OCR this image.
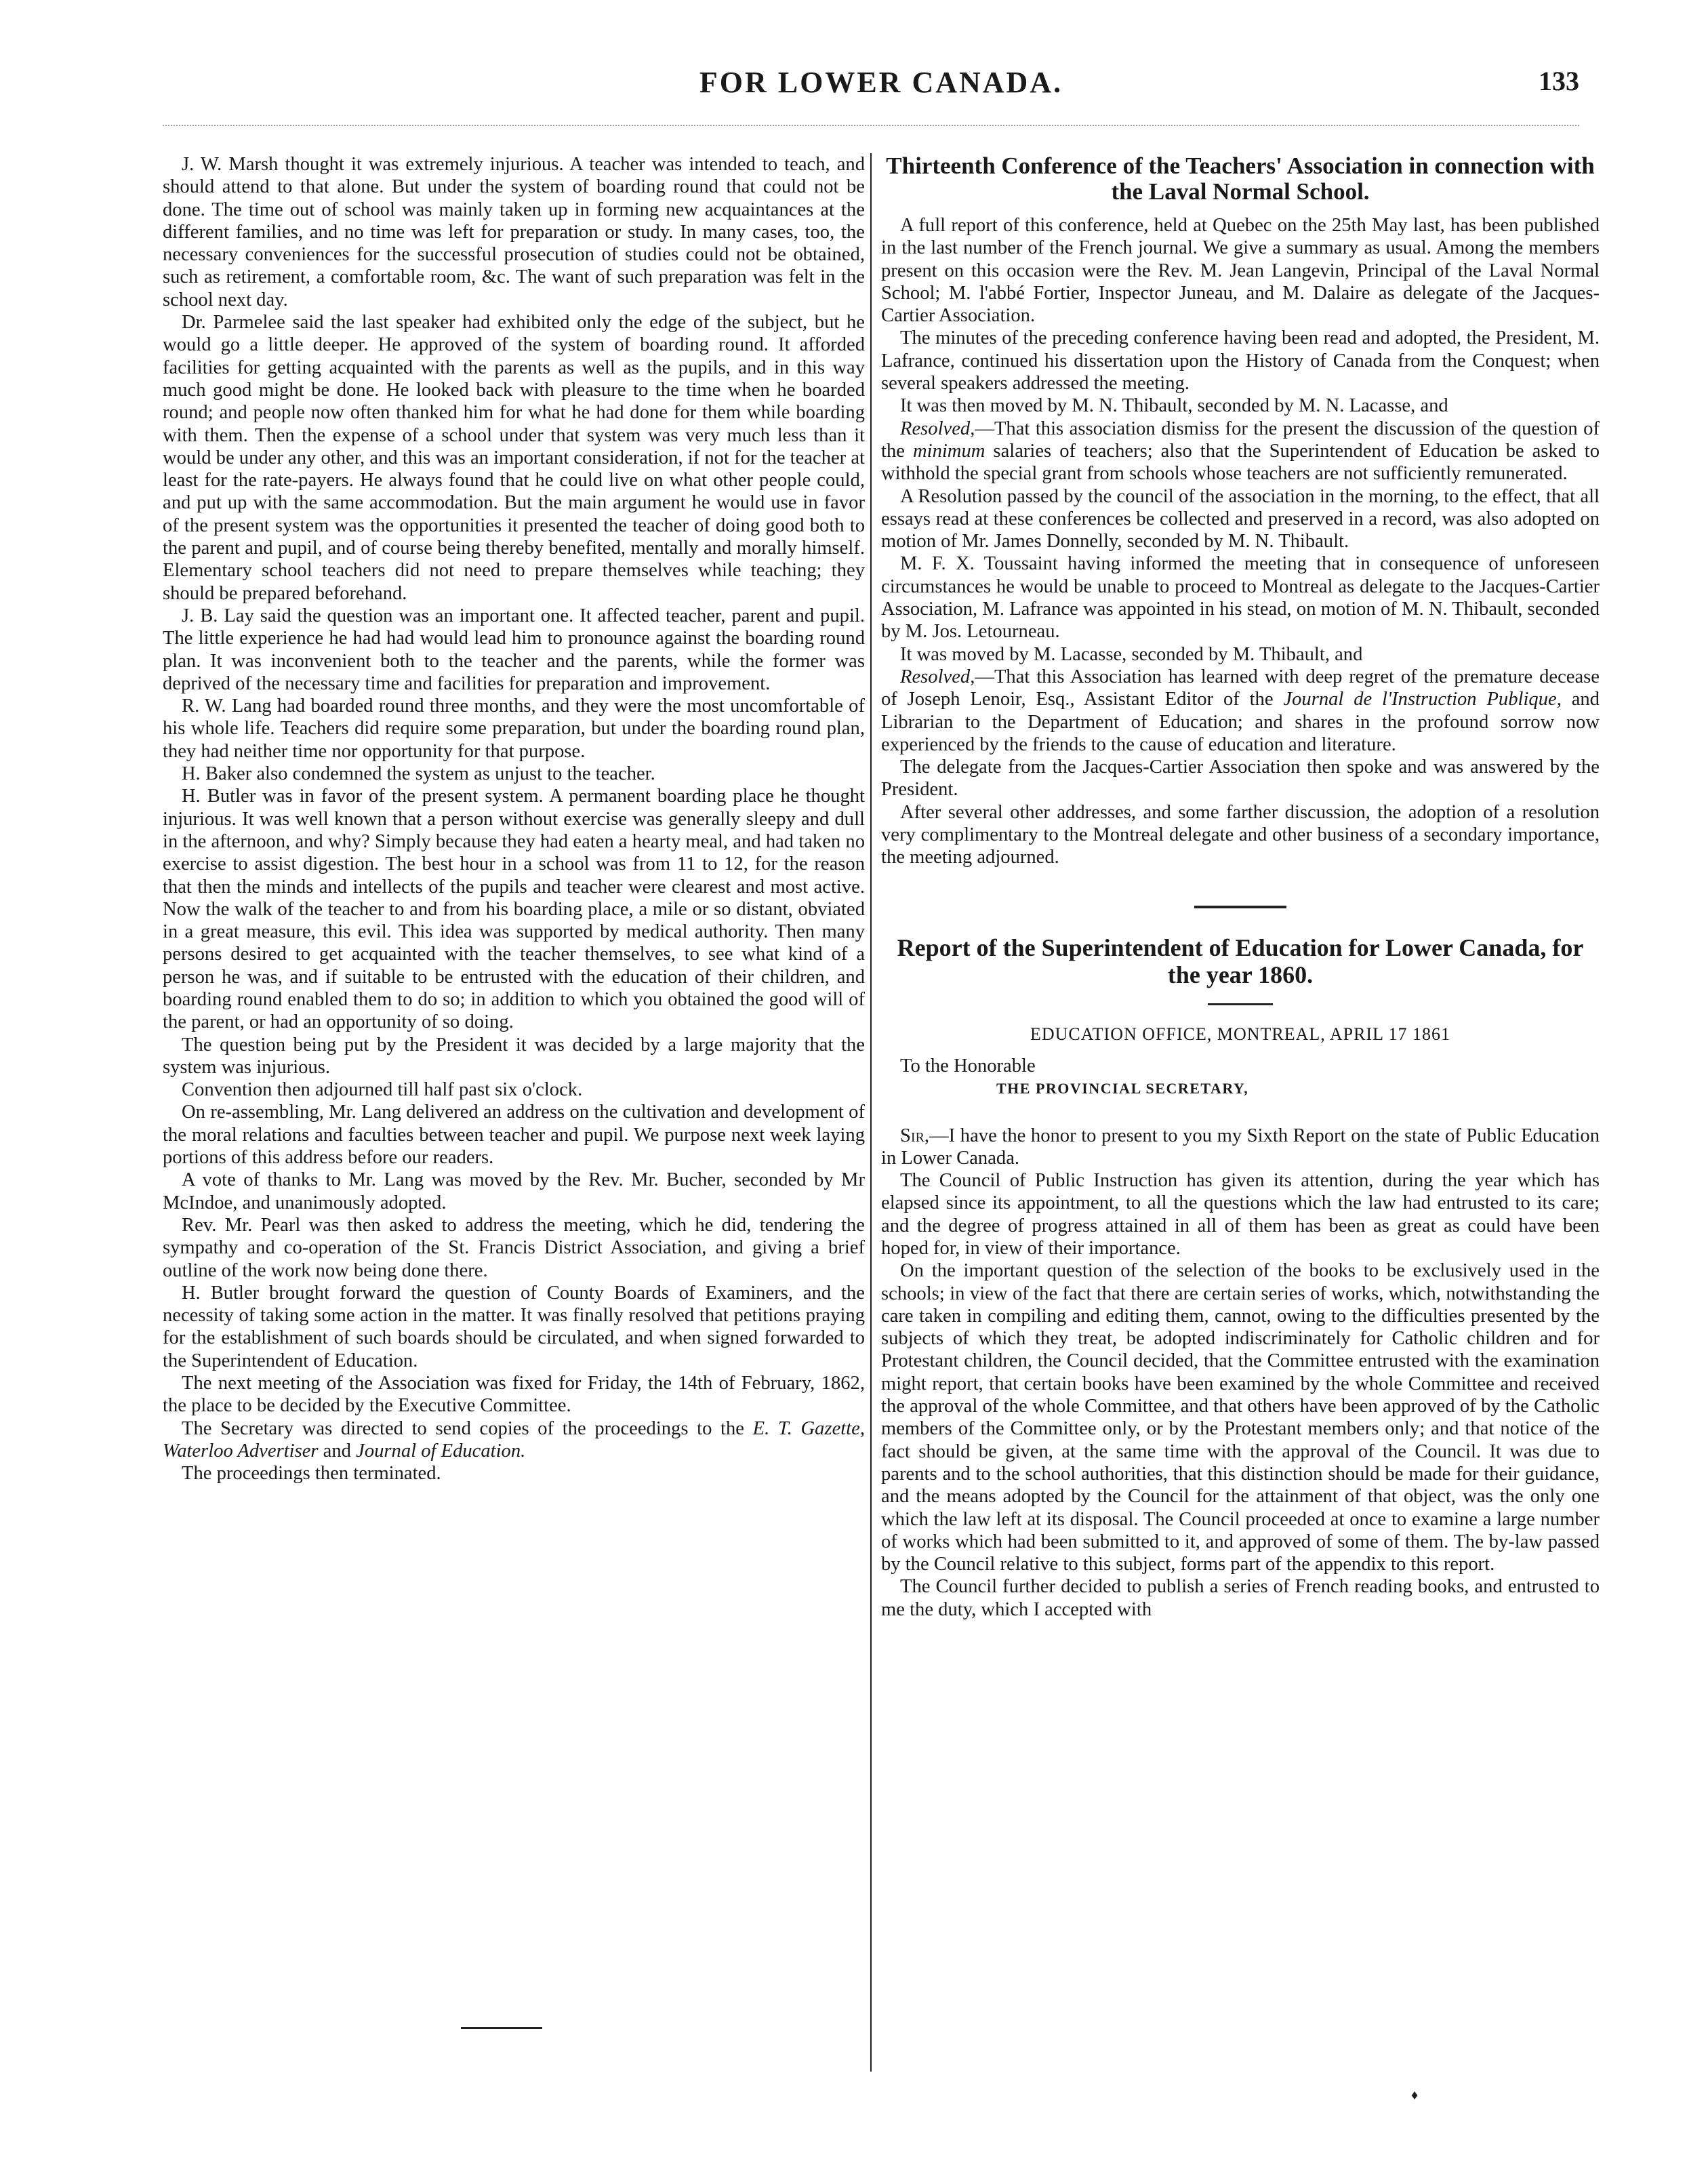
FOR LOWER CANADA.	133

J. W. Marsh thought it was extremely injurious. A teacher was intended to teach, and should attend to that alone. But under the system of boarding round that could not be done. The time out of school was mainly taken up in forming new acquaintances at the different families, and no time was left for preparation or study. In many cases, too, the necessary conveniences for the successful prosecution of studies could not be obtained, such as retirement, a comfortable room, &c. The want of such preparation was felt in the school next day.

Dr. Parmelee said the last speaker had exhibited only the edge of the subject, but he would go a little deeper. He approved of the system of boarding round. It afforded facilities for getting acquainted with the parents as well as the pupils, and in this way much good might be done. He looked back with pleasure to the time when he boarded round; and people now often thanked him for what he had done for them while boarding with them. Then the expense of a school under that system was very much less than it would be under any other, and this was an important consideration, if not for the teacher at least for the rate-payers. He always found that he could live on what other people could, and put up with the same accommodation. But the main argument he would use in favor of the present system was the opportunities it presented the teacher of doing good both to the parent and pupil, and of course being thereby benefited, mentally and morally himself. Elementary school teachers did not need to prepare themselves while teaching; they should be prepared beforehand.

J. B. Lay said the question was an important one. It affected teacher, parent and pupil. The little experience he had had would lead him to pronounce against the boarding round plan. It was inconvenient both to the teacher and the parents, while the former was deprived of the necessary time and facilities for preparation and improvement.

R. W. Lang had boarded round three months, and they were the most uncomfortable of his whole life. Teachers did require some preparation, but under the boarding round plan, they had neither time nor opportunity for that purpose.

H. Baker also condemned the system as unjust to the teacher.

H. Butler was in favor of the present system. A permanent boarding place he thought injurious. It was well known that a person without exercise was generally sleepy and dull in the afternoon, and why? Simply because they had eaten a hearty meal, and had taken no exercise to assist digestion. The best hour in a school was from 11 to 12, for the reason that then the minds and intellects of the pupils and teacher were clearest and most active. Now the walk of the teacher to and from his boarding place, a mile or so distant, obviated in a great measure, this evil. This idea was supported by medical authority. Then many persons desired to get acquainted with the teacher themselves, to see what kind of a person he was, and if suitable to be entrusted with the education of their children, and boarding round enabled them to do so; in addition to which you obtained the good will of the parent, or had an opportunity of so doing.

The question being put by the President it was decided by a large majority that the system was injurious.

Convention then adjourned till half past six o'clock.

On re-assembling, Mr. Lang delivered an address on the cultivation and development of the moral relations and faculties between teacher and pupil. We purpose next week laying portions of this address before our readers.

A vote of thanks to Mr. Lang was moved by the Rev. Mr. Bucher, seconded by Mr McIndoe, and unanimously adopted.

Rev. Mr. Pearl was then asked to address the meeting, which he did, tendering the sympathy and co-operation of the St. Francis District Association, and giving a brief outline of the work now being done there.

H. Butler brought forward the question of County Boards of Examiners, and the necessity of taking some action in the matter. It was finally resolved that petitions praying for the establishment of such boards should be circulated, and when signed forwarded to the Superintendent of Education.

The next meeting of the Association was fixed for Friday, the 14th of February, 1862, the place to be decided by the Executive Committee.

The Secretary was directed to send copies of the proceedings to the E. T. Gazette, Waterloo Advertiser and Journal of Education.

The proceedings then terminated.

Thirteenth Conference of the Teachers' Association in connection with the Laval Normal School.

A full report of this conference, held at Quebec on the 25th May last, has been published in the last number of the French journal. We give a summary as usual. Among the members present on this occasion were the Rev. M. Jean Langevin, Principal of the Laval Normal School; M. l'abbé Fortier, Inspector Juneau, and M. Dalaire as delegate of the Jacques-Cartier Association.

The minutes of the preceding conference having been read and adopted, the President, M. Lafrance, continued his dissertation upon the History of Canada from the Conquest; when several speakers addressed the meeting.

It was then moved by M. N. Thibault, seconded by M. N. Lacasse, and

Resolved,—That this association dismiss for the present the discussion of the question of the minimum salaries of teachers; also that the Superintendent of Education be asked to withhold the special grant from schools whose teachers are not sufficiently remunerated.

A Resolution passed by the council of the association in the morning, to the effect, that all essays read at these conferences be collected and preserved in a record, was also adopted on motion of Mr. James Donnelly, seconded by M. N. Thibault.

M. F. X. Toussaint having informed the meeting that in consequence of unforeseen circumstances he would be unable to proceed to Montreal as delegate to the Jacques-Cartier Association, M. Lafrance was appointed in his stead, on motion of M. N. Thibault, seconded by M. Jos. Letourneau.

It was moved by M. Lacasse, seconded by M. Thibault, and

Resolved,—That this Association has learned with deep regret of the premature decease of Joseph Lenoir, Esq., Assistant Editor of the Journal de l'Instruction Publique, and Librarian to the Department of Education; and shares in the profound sorrow now experienced by the friends to the cause of education and literature.

The delegate from the Jacques-Cartier Association then spoke and was answered by the President.

After several other addresses, and some farther discussion, the adoption of a resolution very complimentary to the Montreal delegate and other business of a secondary importance, the meeting adjourned.

Report of the Superintendent of Education for Lower Canada, for the year 1860.
EDUCATION OFFICE, MONTREAL, APRIL 17 1861

To the Honorable

THE PROVINCIAL SECRETARY,

Sir,—I have the honor to present to you my Sixth Report on the state of Public Education in Lower Canada.

The Council of Public Instruction has given its attention, during the year which has elapsed since its appointment, to all the questions which the law had entrusted to its care; and the degree of progress attained in all of them has been as great as could have been hoped for, in view of their importance.

On the important question of the selection of the books to be exclusively used in the schools; in view of the fact that there are certain series of works, which, notwithstanding the care taken in compiling and editing them, cannot, owing to the difficulties presented by the subjects of which they treat, be adopted indiscriminately for Catholic children and for Protestant children, the Council decided, that the Committee entrusted with the examination might report, that certain books have been examined by the whole Committee and received the approval of the whole Committee, and that others have been approved of by the Catholic members of the Committee only, or by the Protestant members only; and that notice of the fact should be given, at the same time with the approval of the Council. It was due to parents and to the school authorities, that this distinction should be made for their guidance, and the means adopted by the Council for the attainment of that object, was the only one which the law left at its disposal. The Council proceeded at once to examine a large number of works which had been submitted to it, and approved of some of them. The by-law passed by the Council relative to this subject, forms part of the appendix to this report.

The Council further decided to publish a series of French reading books, and entrusted to me the duty, which I accepted with

♦
